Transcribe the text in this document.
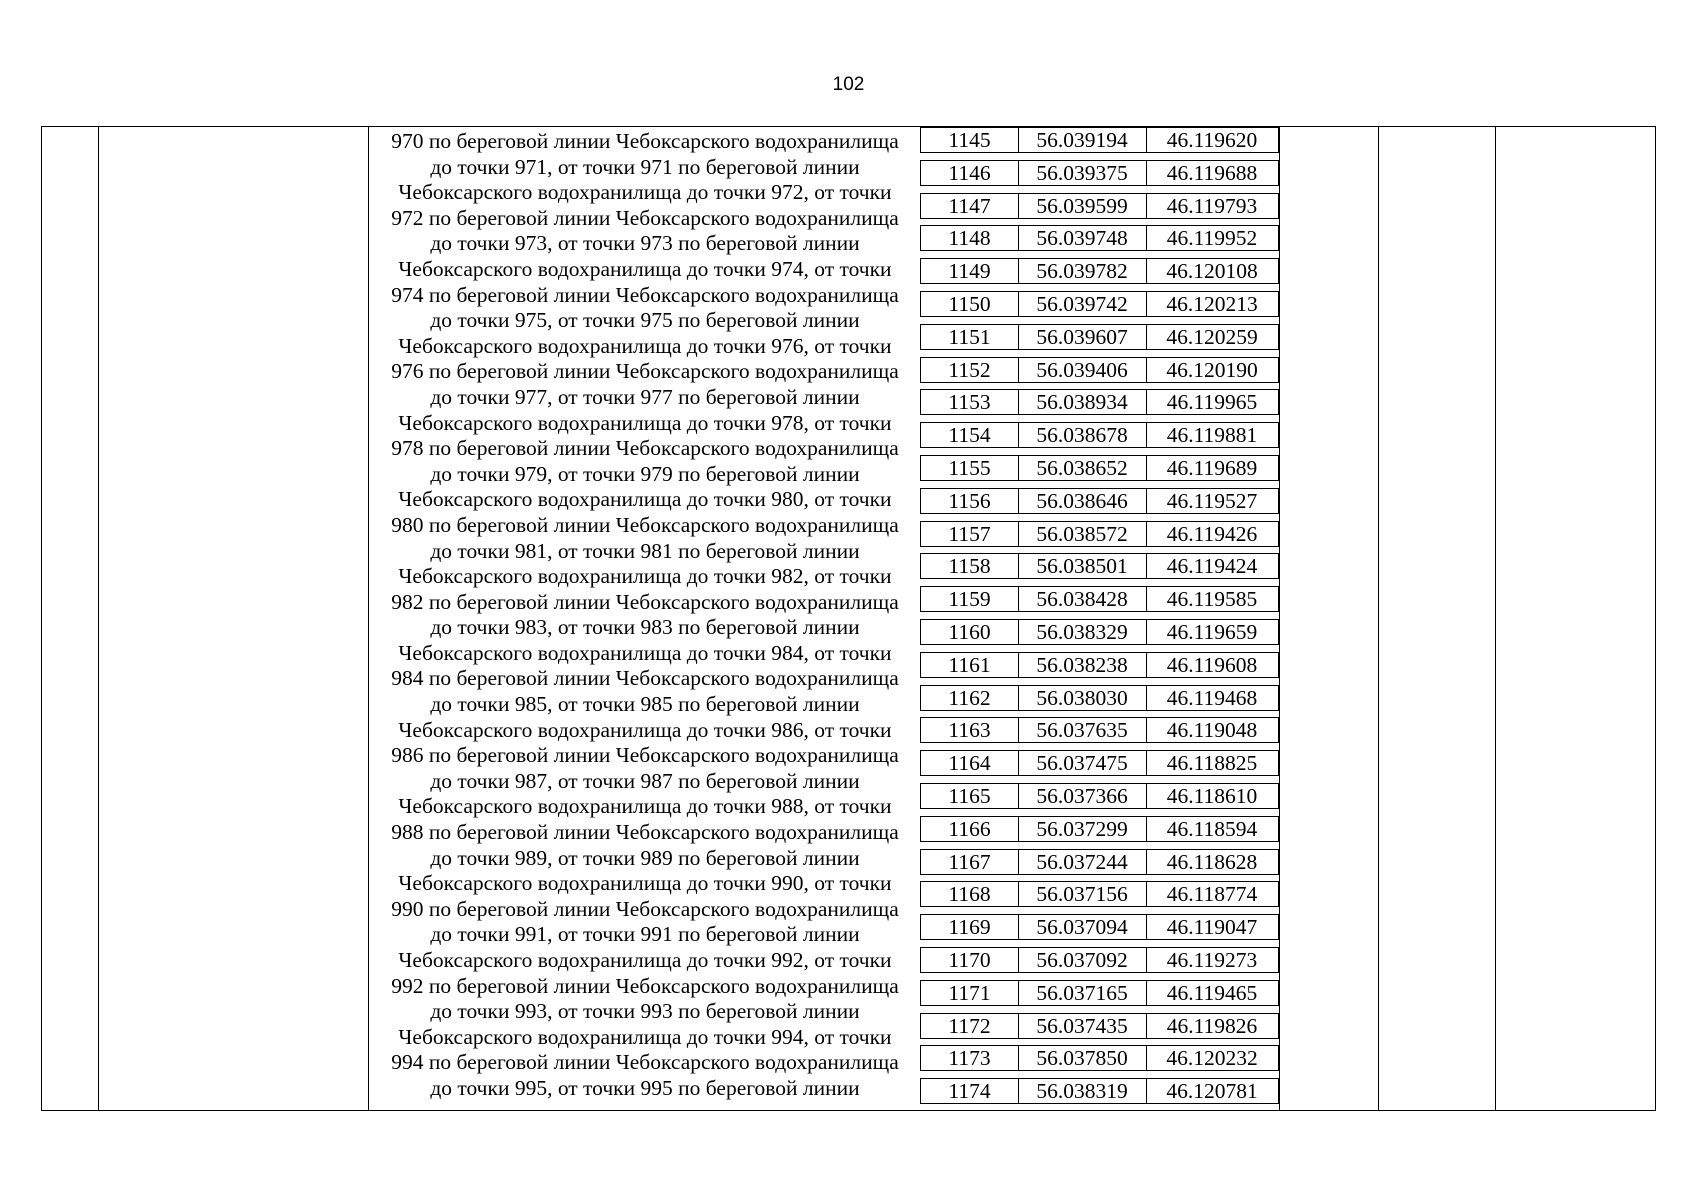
102
970 по береговой линии Чебоксарского водохранилища
до точки 971, от точки 971 по береговой линии
Чебоксарского водохранилища до точки 972, от точки
972 по береговой линии Чебоксарского водохранилища
до точки 973, от точки 973 по береговой линии
Чебоксарского водохранилища до точки 974, от точки
974 по береговой линии Чебоксарского водохранилища
до точки 975, от точки 975 по береговой линии
Чебоксарского водохранилища до точки 976, от точки
976 по береговой линии Чебоксарского водохранилища
до точки 977, от точки 977 по береговой линии
Чебоксарского водохранилища до точки 978, от точки
978 по береговой линии Чебоксарского водохранилища
до точки 979, от точки 979 по береговой линии
Чебоксарского водохранилища до точки 980, от точки
980 по береговой линии Чебоксарского водохранилища
до точки 981, от точки 981 по береговой линии
Чебоксарского водохранилища до точки 982, от точки
982 по береговой линии Чебоксарского водохранилища
до точки 983, от точки 983 по береговой линии
Чебоксарского водохранилища до точки 984, от точки
984 по береговой линии Чебоксарского водохранилища
до точки 985, от точки 985 по береговой линии
Чебоксарского водохранилища до точки 986, от точки
986 по береговой линии Чебоксарского водохранилища
до точки 987, от точки 987 по береговой линии
Чебоксарского водохранилища до точки 988, от точки
988 по береговой линии Чебоксарского водохранилища
до точки 989, от точки 989 по береговой линии
Чебоксарского водохранилища до точки 990, от точки
990 по береговой линии Чебоксарского водохранилища
до точки 991, от точки 991 по береговой линии
Чебоксарского водохранилища до точки 992, от точки
992 по береговой линии Чебоксарского водохранилища
до точки 993, от точки 993 по береговой линии
Чебоксарского водохранилища до точки 994, от точки
994 по береговой линии Чебоксарского водохранилища
до точки 995, от точки 995 по береговой линии
1145	56.039194	46.119620
1146	56.039375	46.119688
1147	56.039599	46.119793
1148	56.039748	46.119952
1149	56.039782	46.120108
1150	56.039742	46.120213
1151	56.039607	46.120259
1152	56.039406	46.120190
1153	56.038934	46.119965
1154	56.038678	46.119881
1155	56.038652	46.119689
1156	56.038646	46.119527
1157	56.038572	46.119426
1158	56.038501	46.119424
1159	56.038428	46.119585
1160	56.038329	46.119659
1161	56.038238	46.119608
1162	56.038030	46.119468
1163	56.037635	46.119048
1164	56.037475	46.118825
1165	56.037366	46.118610
1166	56.037299	46.118594
1167	56.037244	46.118628
1168	56.037156	46.118774
1169	56.037094	46.119047
1170	56.037092	46.119273
1171	56.037165	46.119465
1172	56.037435	46.119826
1173	56.037850	46.120232
1174	56.038319	46.120781
